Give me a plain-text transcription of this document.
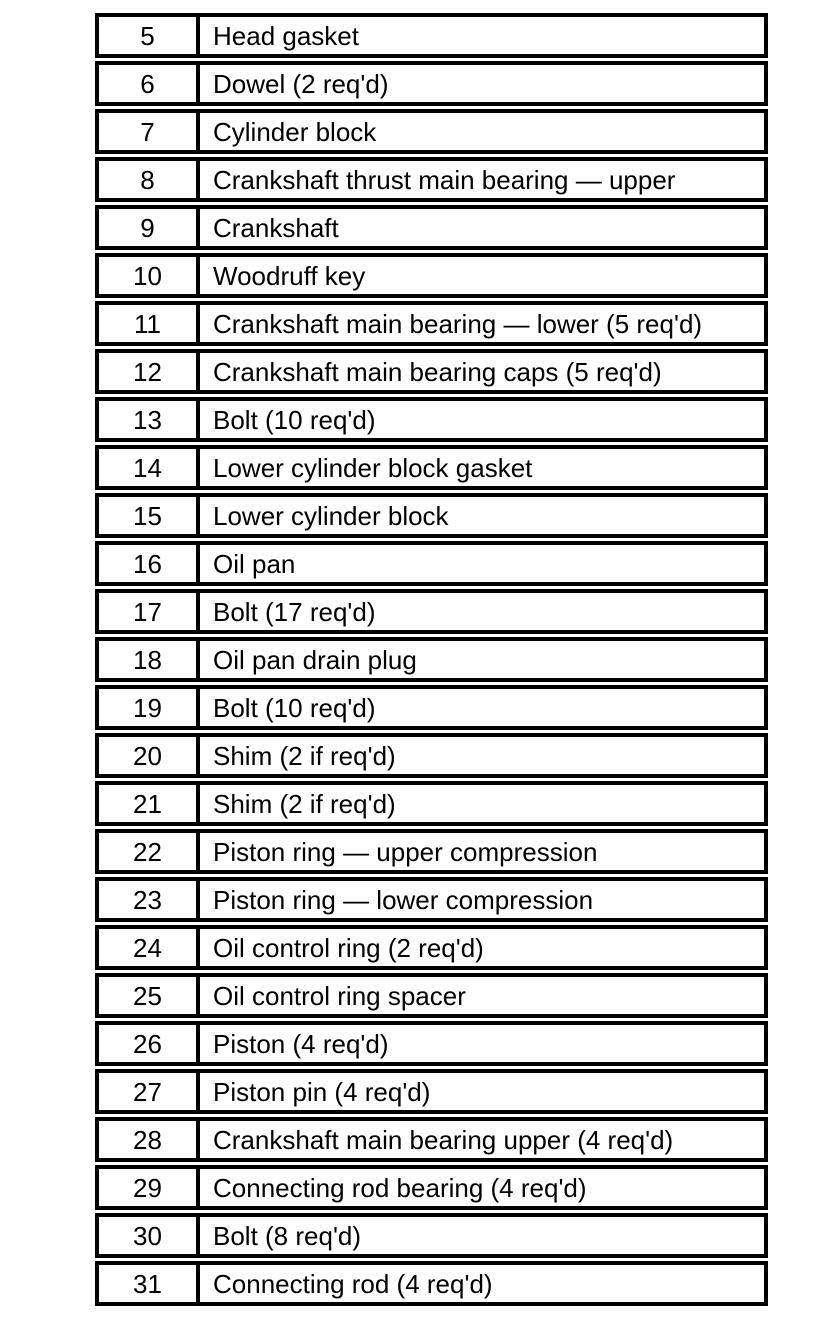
5	Head gasket
6	Dowel (2 req'd)
7	Cylinder block
8	Crankshaft thrust main bearing — upper
9	Crankshaft
10	Woodruff key
11	Crankshaft main bearing — lower (5 req'd)
12	Crankshaft main bearing caps (5 req'd)
13	Bolt (10 req'd)
14	Lower cylinder block gasket
15	Lower cylinder block
16	Oil pan
17	Bolt (17 req'd)
18	Oil pan drain plug
19	Bolt (10 req'd)
20	Shim (2 if req'd)
21	Shim (2 if req'd)
22	Piston ring — upper compression
23	Piston ring — lower compression
24	Oil control ring (2 req'd)
25	Oil control ring spacer
26	Piston (4 req'd)
27	Piston pin (4 req'd)
28	Crankshaft main bearing upper (4 req'd)
29	Connecting rod bearing (4 req'd)
30	Bolt (8 req'd)
31	Connecting rod (4 req'd)
